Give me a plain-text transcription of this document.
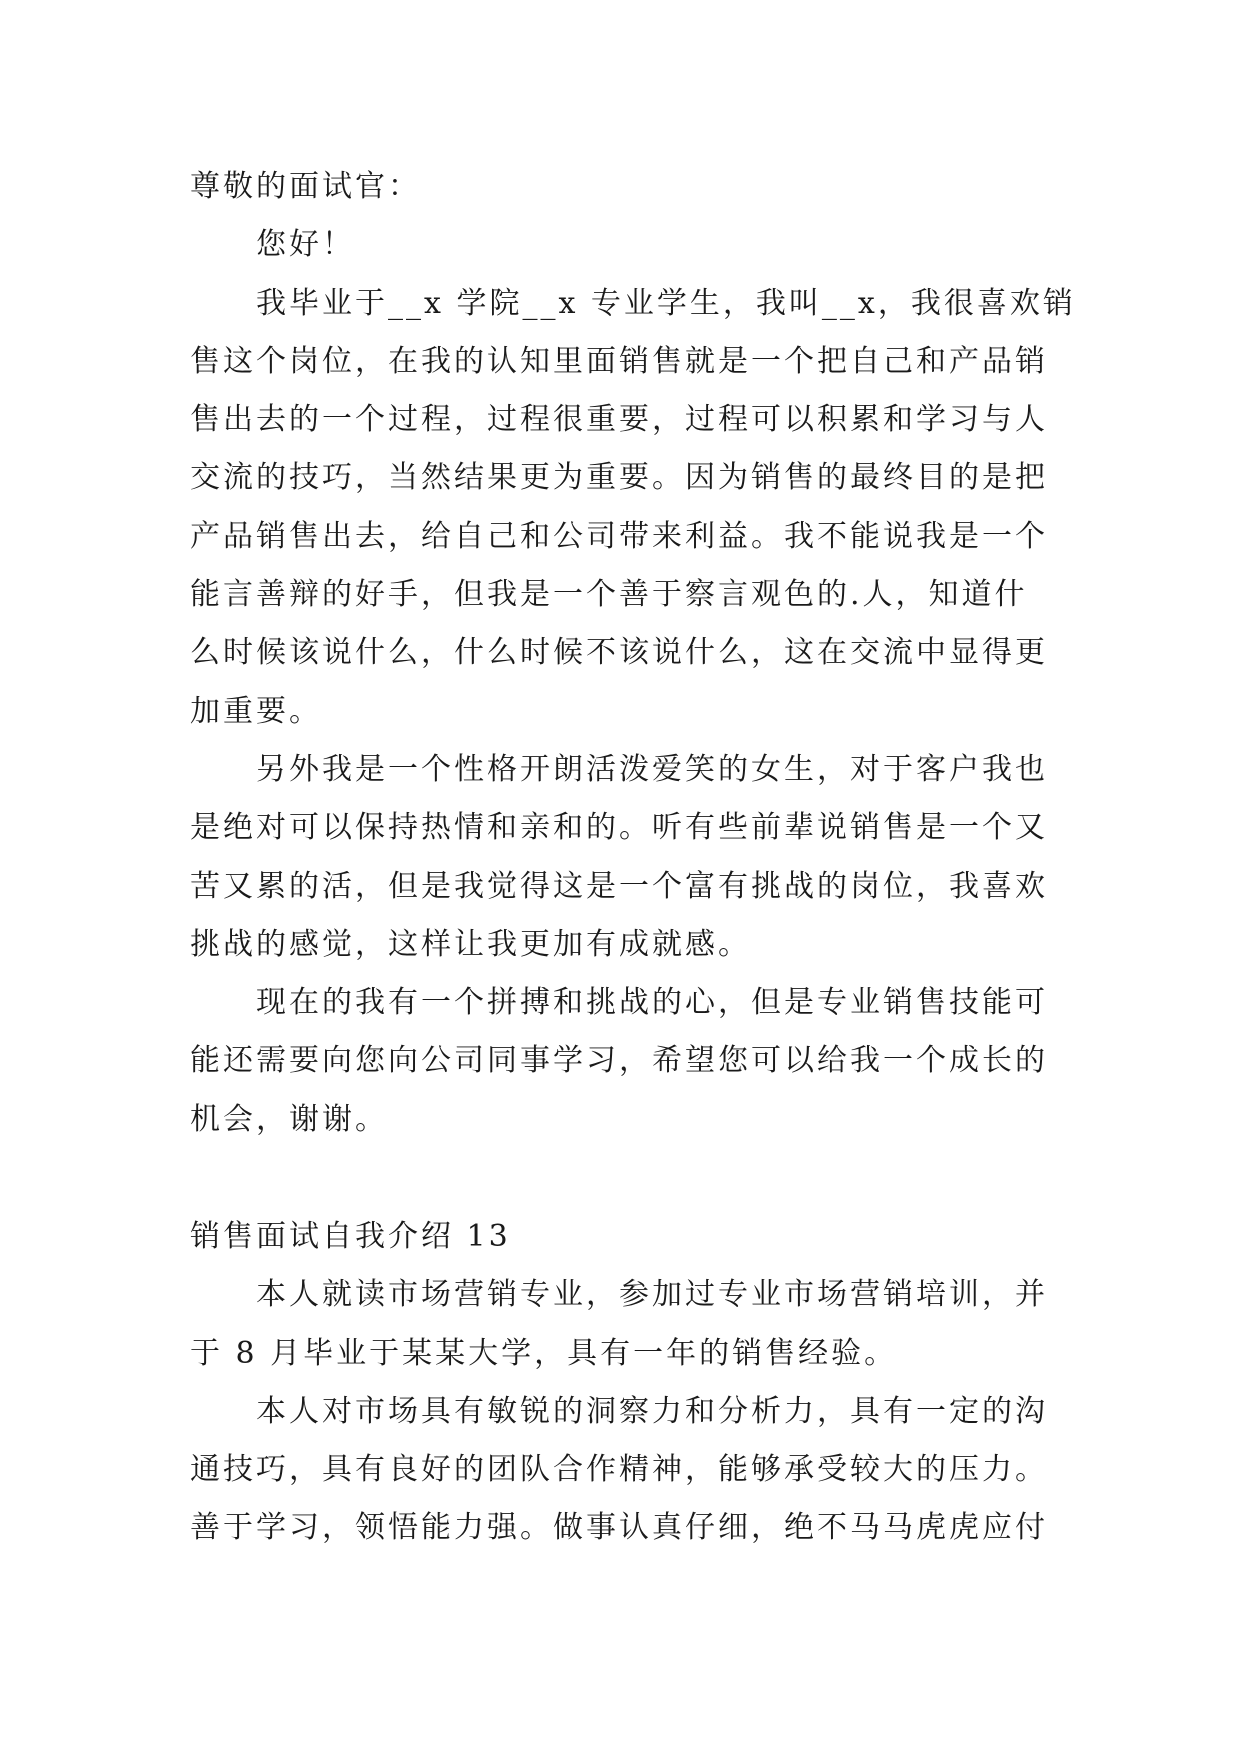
尊敬的面试官：
您好！
我毕业于__x 学院__x 专业学生，我叫__x，我很喜欢销
售这个岗位，在我的认知里面销售就是一个把自己和产品销
售出去的一个过程，过程很重要，过程可以积累和学习与人
交流的技巧，当然结果更为重要。因为销售的最终目的是把
产品销售出去，给自己和公司带来利益。我不能说我是一个
能言善辩的好手，但我是一个善于察言观色的.人，知道什
么时候该说什么，什么时候不该说什么，这在交流中显得更
加重要。
另外我是一个性格开朗活泼爱笑的女生，对于客户我也
是绝对可以保持热情和亲和的。听有些前辈说销售是一个又
苦又累的活，但是我觉得这是一个富有挑战的岗位，我喜欢
挑战的感觉，这样让我更加有成就感。
现在的我有一个拼搏和挑战的心，但是专业销售技能可
能还需要向您向公司同事学习，希望您可以给我一个成长的
机会，谢谢。
销售面试自我介绍 13
本人就读市场营销专业，参加过专业市场营销培训，并
于 8 月毕业于某某大学，具有一年的销售经验。
本人对市场具有敏锐的洞察力和分析力，具有一定的沟
通技巧，具有良好的团队合作精神，能够承受较大的压力。
善于学习，领悟能力强。做事认真仔细，绝不马马虎虎应付
